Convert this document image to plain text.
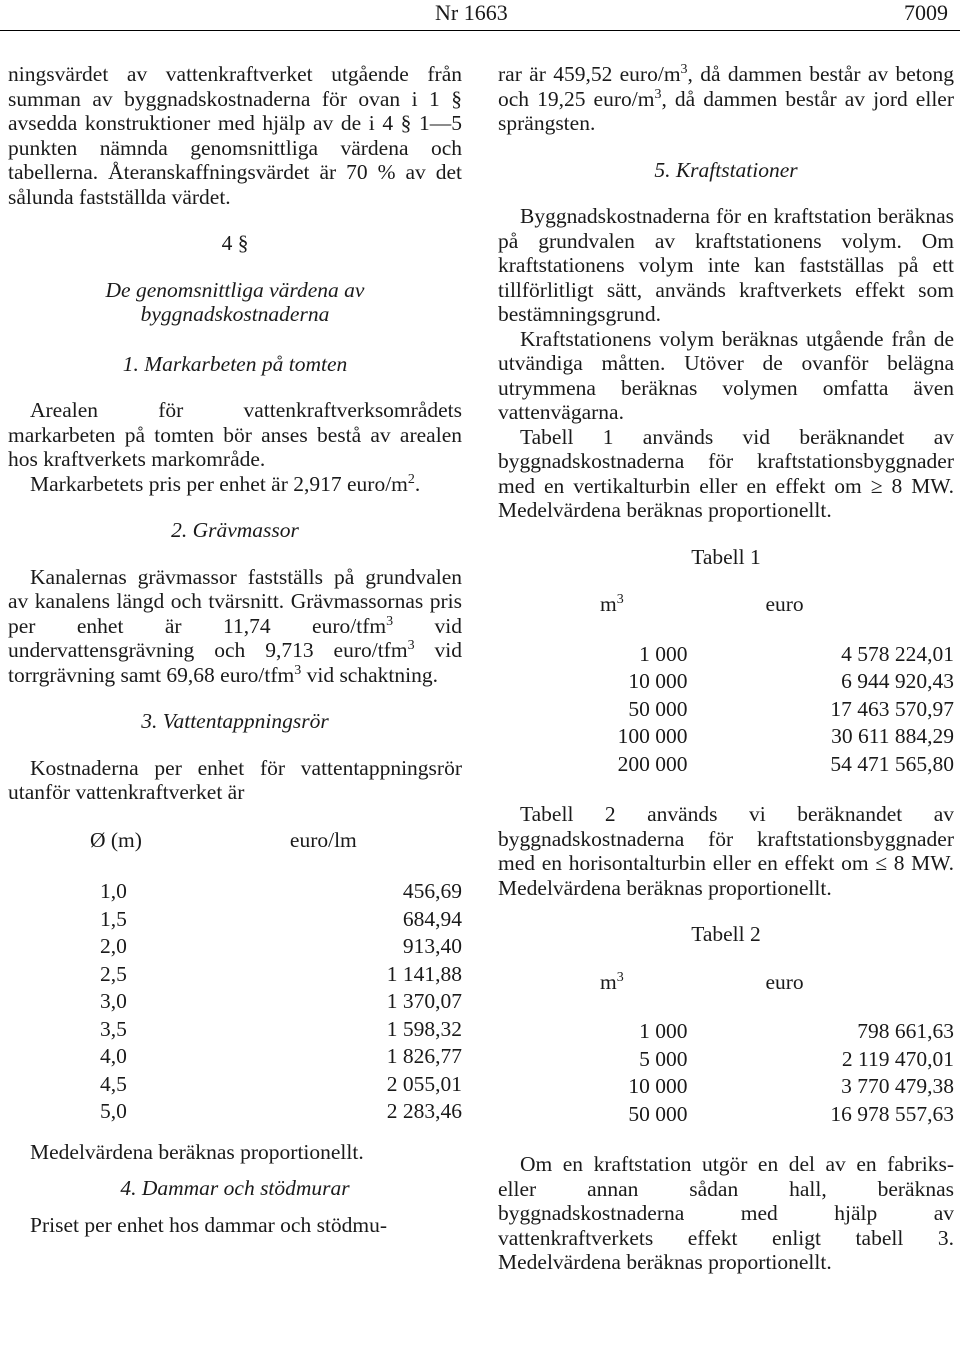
Nr 1663	7009

ningsvärdet av vattenkraftverket utgående från summan av byggnadskostnaderna för ovan i 1 § avsedda konstruktioner med hjälp av de i 4 § 1—5 punkten nämnda genomsnittliga värdena och tabellerna. Återanskaffningsvärdet är 70 % av det sålunda fastställda värdet.

4 §

De genomsnittliga värdena av byggnadskostnaderna

1. Markarbeten på tomten

Arealen för vattenkraftverksområdets markarbeten på tomten bör anses bestå av arealen hos kraftverkets markområde.

Markarbetets pris per enhet är 2,917 euro/$m^2$.

2. Grävmassor

Kanalernas grävmassor fastställs på grundvalen av kanalens längd och tvärsnitt. Grävmassornas pris per enhet är 11,74 euro/tfm$^3$ vid undervattensgrävning och 9,713 euro/tfm$^3$ vid torrgrävning samt 69,68 euro/tfm$^3$ vid schaktning.

3. Vattentappningsrör

Kostnaderna per enhet för vattentappningsrör utanför vattenkraftverket är

Ø (m)	euro/lm
1,0	456,69
1,5	684,94
2,0	913,40
2,5	1 141,88
3,0	1 370,07
3,5	1 598,32
4,0	1 826,77
4,5	2 055,01
5,0	2 283,46

Medelvärdena beräknas proportionellt.

4. Dammar och stödmurar

Priset per enhet hos dammar och stödmu-

rar är 459,52 euro/$m^3$, då dammen består av betong och 19,25 euro/$m^3$, då dammen består av jord eller sprängsten.

5. Kraftstationer

Byggnadskostnaderna för en kraftstation beräknas på grundvalen av kraftstationens volym. Om kraftstationens volym inte kan fastställas på ett tillförlitligt sätt, används kraftverkets effekt som bestämningsgrund.

Kraftstationens volym beräknas utgående från de utvändiga måtten. Utöver de ovanför belägna utrymmena beräknas volymen omfatta även vattenvägarna.

Tabell 1 används vid beräknandet av byggnadskostnaderna för kraftstationsbyggnader med en vertikalturbin eller en effekt om ≥ 8 MW. Medelvärdena beräknas proportionellt.

Tabell 1

$m^3$	euro
1 000	4 578 224,01
10 000	6 944 920,43
50 000	17 463 570,97
100 000	30 611 884,29
200 000	54 471 565,80

Tabell 2 används vi beräknandet av byggnadskostnaderna för kraftstationsbyggnader med en horisontalturbin eller en effekt om ≤ 8 MW. Medelvärdena beräknas proportionellt.

Tabell 2

$m^3$	euro
1 000	798 661,63
5 000	2 119 470,01
10 000	3 770 479,38
50 000	16 978 557,63

Om en kraftstation utgör en del av en fabriks- eller annan sådan hall, beräknas byggnadskostnaderna med hjälp av vattenkraftverkets effekt enligt tabell 3. Medelvärdena beräknas proportionellt.
